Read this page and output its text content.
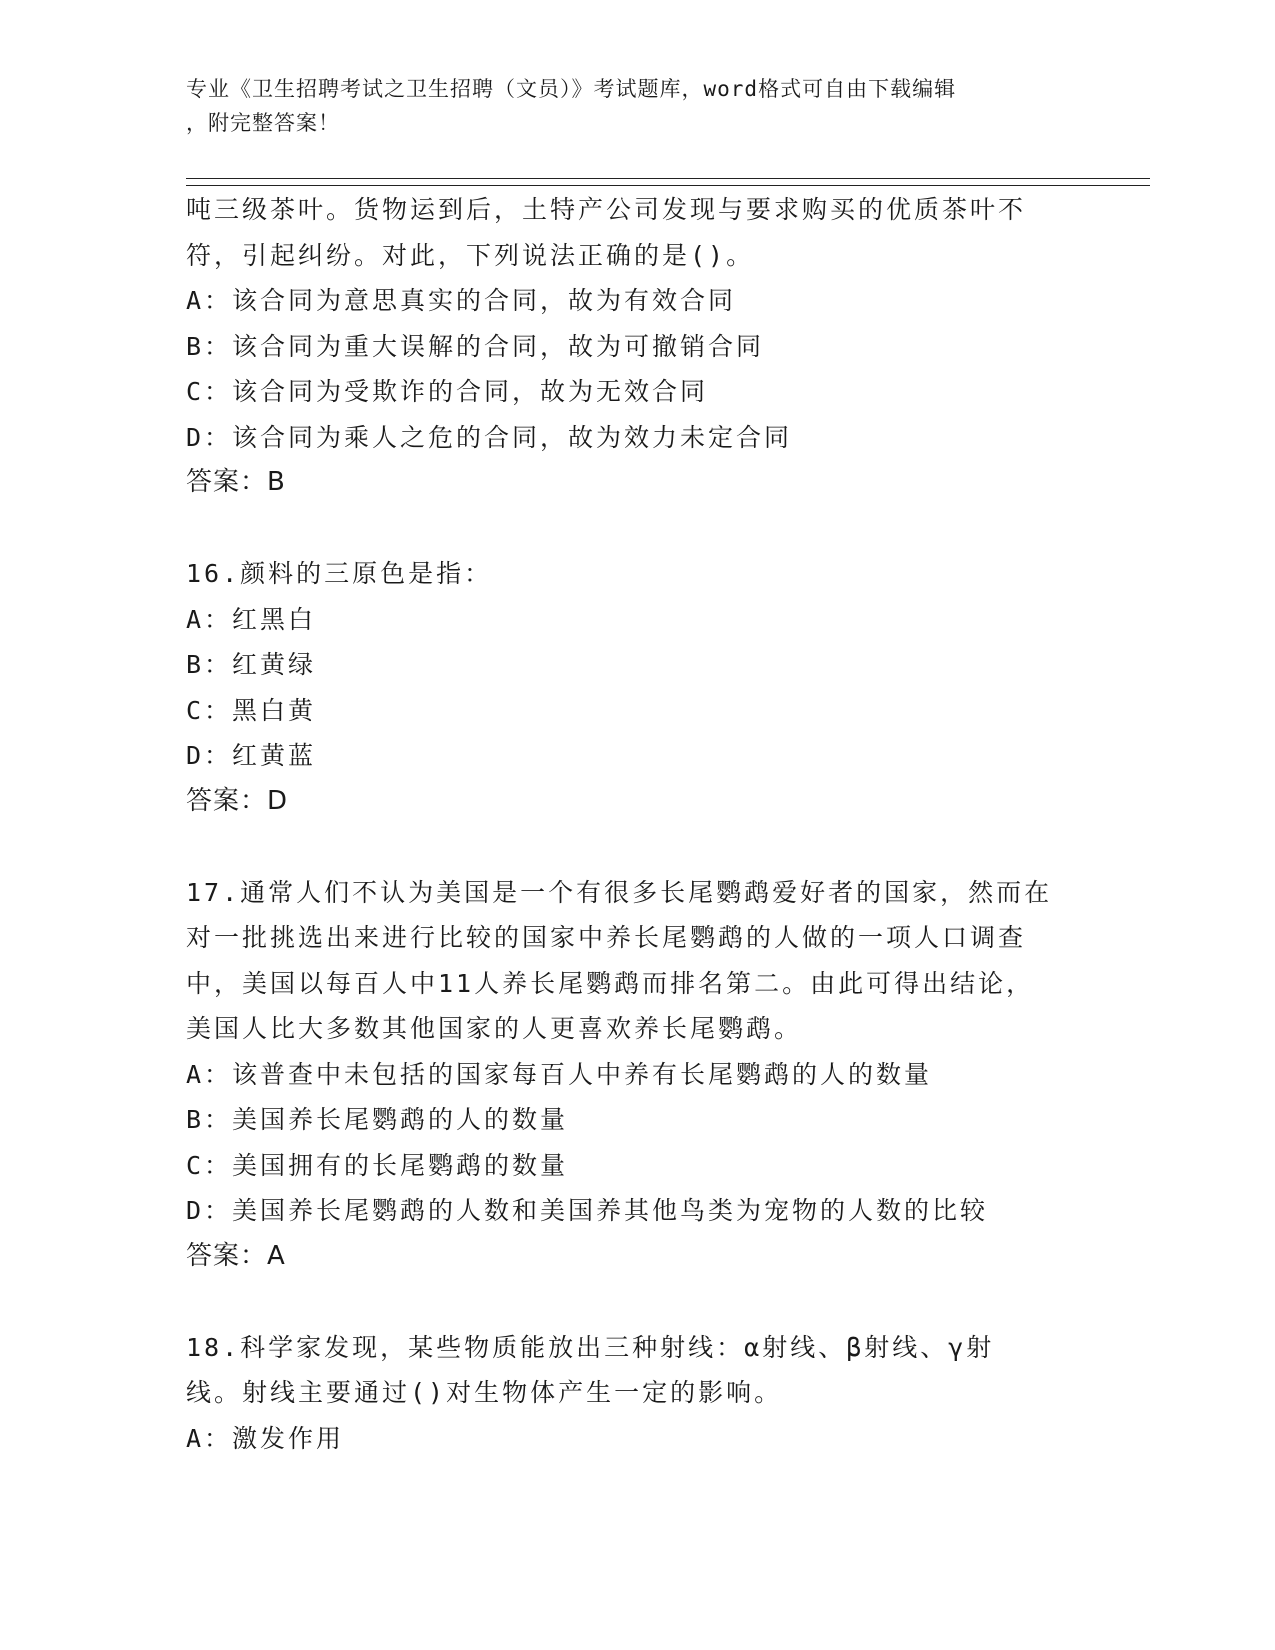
专业《卫生招聘考试之卫生招聘（文员）》考试题库，word格式可自由下载编辑
，附完整答案！
吨三级茶叶。货物运到后，土特产公司发现与要求购买的优质茶叶不
符，引起纠纷。对此，下列说法正确的是()。
A：该合同为意思真实的合同，故为有效合同
B：该合同为重大误解的合同，故为可撤销合同
C：该合同为受欺诈的合同，故为无效合同
D：该合同为乘人之危的合同，故为效力未定合同
答案：B
16.颜料的三原色是指：
A：红黑白
B：红黄绿
C：黑白黄
D：红黄蓝
答案：D
17.通常人们不认为美国是一个有很多长尾鹦鹉爱好者的国家，然而在
对一批挑选出来进行比较的国家中养长尾鹦鹉的人做的一项人口调查
中，美国以每百人中11人养长尾鹦鹉而排名第二。由此可得出结论，
美国人比大多数其他国家的人更喜欢养长尾鹦鹉。
A：该普查中未包括的国家每百人中养有长尾鹦鹉的人的数量
B：美国养长尾鹦鹉的人的数量
C：美国拥有的长尾鹦鹉的数量
D：美国养长尾鹦鹉的人数和美国养其他鸟类为宠物的人数的比较
答案：A
18.科学家发现，某些物质能放出三种射线：α射线、β射线、γ射
线。射线主要通过()对生物体产生一定的影响。
A：激发作用
